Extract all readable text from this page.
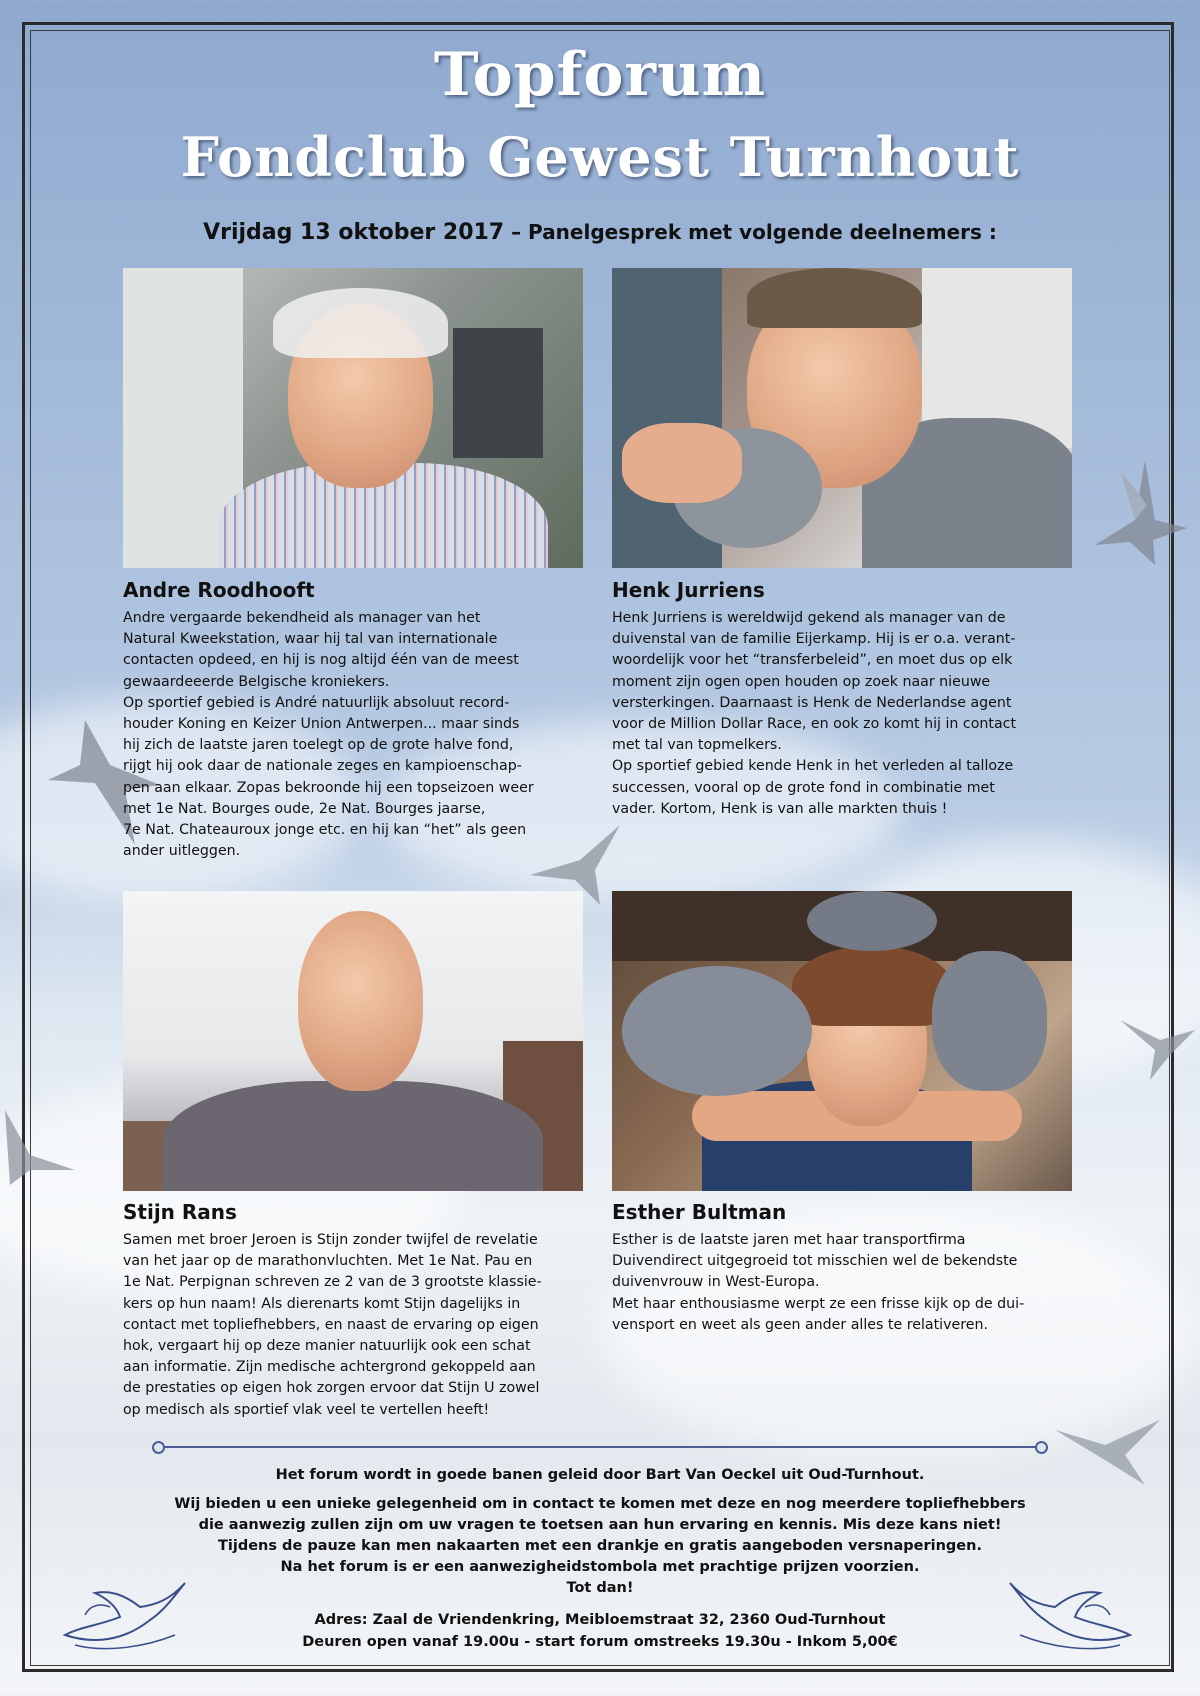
Topforum
Fondclub Gewest Turnhout
Vrijdag 13 oktober 2017 – Panelgesprek met volgende deelnemers :
Andre Roodhooft
Andre vergaarde bekendheid als manager van het
Natural Kweekstation, waar hij tal van internationale
contacten opdeed, en hij is nog altijd één van de meest
gewaardeeerde Belgische kroniekers.
Op sportief gebied is André natuurlijk absoluut record-
houder Koning en Keizer Union Antwerpen... maar sinds
hij zich de laatste jaren toelegt op de grote halve fond,
rijgt hij ook daar de nationale zeges en kampioenschap-
pen aan elkaar. Zopas bekroonde hij een topseizoen weer
met 1e Nat. Bourges oude, 2e Nat. Bourges jaarse,
7e Nat. Chateauroux jonge etc. en hij kan “het” als geen
ander uitleggen.
Henk Jurriens
Henk Jurriens is wereldwijd gekend als manager van de
duivenstal van de familie Eijerkamp. Hij is er o.a. verant-
woordelijk voor het “transferbeleid”, en moet dus op elk
moment zijn ogen open houden op zoek naar nieuwe
versterkingen. Daarnaast is Henk de Nederlandse agent
voor de Million Dollar Race, en ook zo komt hij in contact
met tal van topmelkers.
Op sportief gebied kende Henk in het verleden al talloze
successen, vooral op de grote fond in combinatie met
vader. Kortom, Henk is van alle markten thuis !
Stijn Rans
Samen met broer Jeroen is Stijn zonder twijfel de revelatie
van het jaar op de marathonvluchten. Met 1e Nat. Pau en
1e Nat. Perpignan schreven ze 2 van de 3 grootste klassie-
kers op hun naam! Als dierenarts komt Stijn dagelijks in
contact met topliefhebbers, en naast de ervaring op eigen
hok, vergaart hij op deze manier natuurlijk ook een schat
aan informatie. Zijn medische achtergrond gekoppeld aan
de prestaties op eigen hok zorgen ervoor dat Stijn U zowel
op medisch als sportief vlak veel te vertellen heeft!
Esther Bultman
Esther is de laatste jaren met haar transportfirma
Duivendirect uitgegroeid tot misschien wel de bekendste
duivenvrouw in West-Europa.
Met haar enthousiasme werpt ze een frisse kijk op de dui-
vensport en weet als geen ander alles te relativeren.

Het forum wordt in goede banen geleid door Bart Van Oeckel uit Oud-Turnhout.

Wij bieden u een unieke gelegenheid om in contact te komen met deze en nog meerdere topliefhebbers
die aanwezig zullen zijn om uw vragen te toetsen aan hun ervaring en kennis. Mis deze kans niet!
Tijdens de pauze kan men nakaarten met een drankje en gratis aangeboden versnaperingen.
Na het forum is er een aanwezigheidstombola met prachtige prijzen voorzien.
Tot dan!
Adres: Zaal de Vriendenkring, Meibloemstraat 32, 2360 Oud-Turnhout
Deuren open vanaf 19.00u - start forum omstreeks 19.30u - Inkom 5,00€
